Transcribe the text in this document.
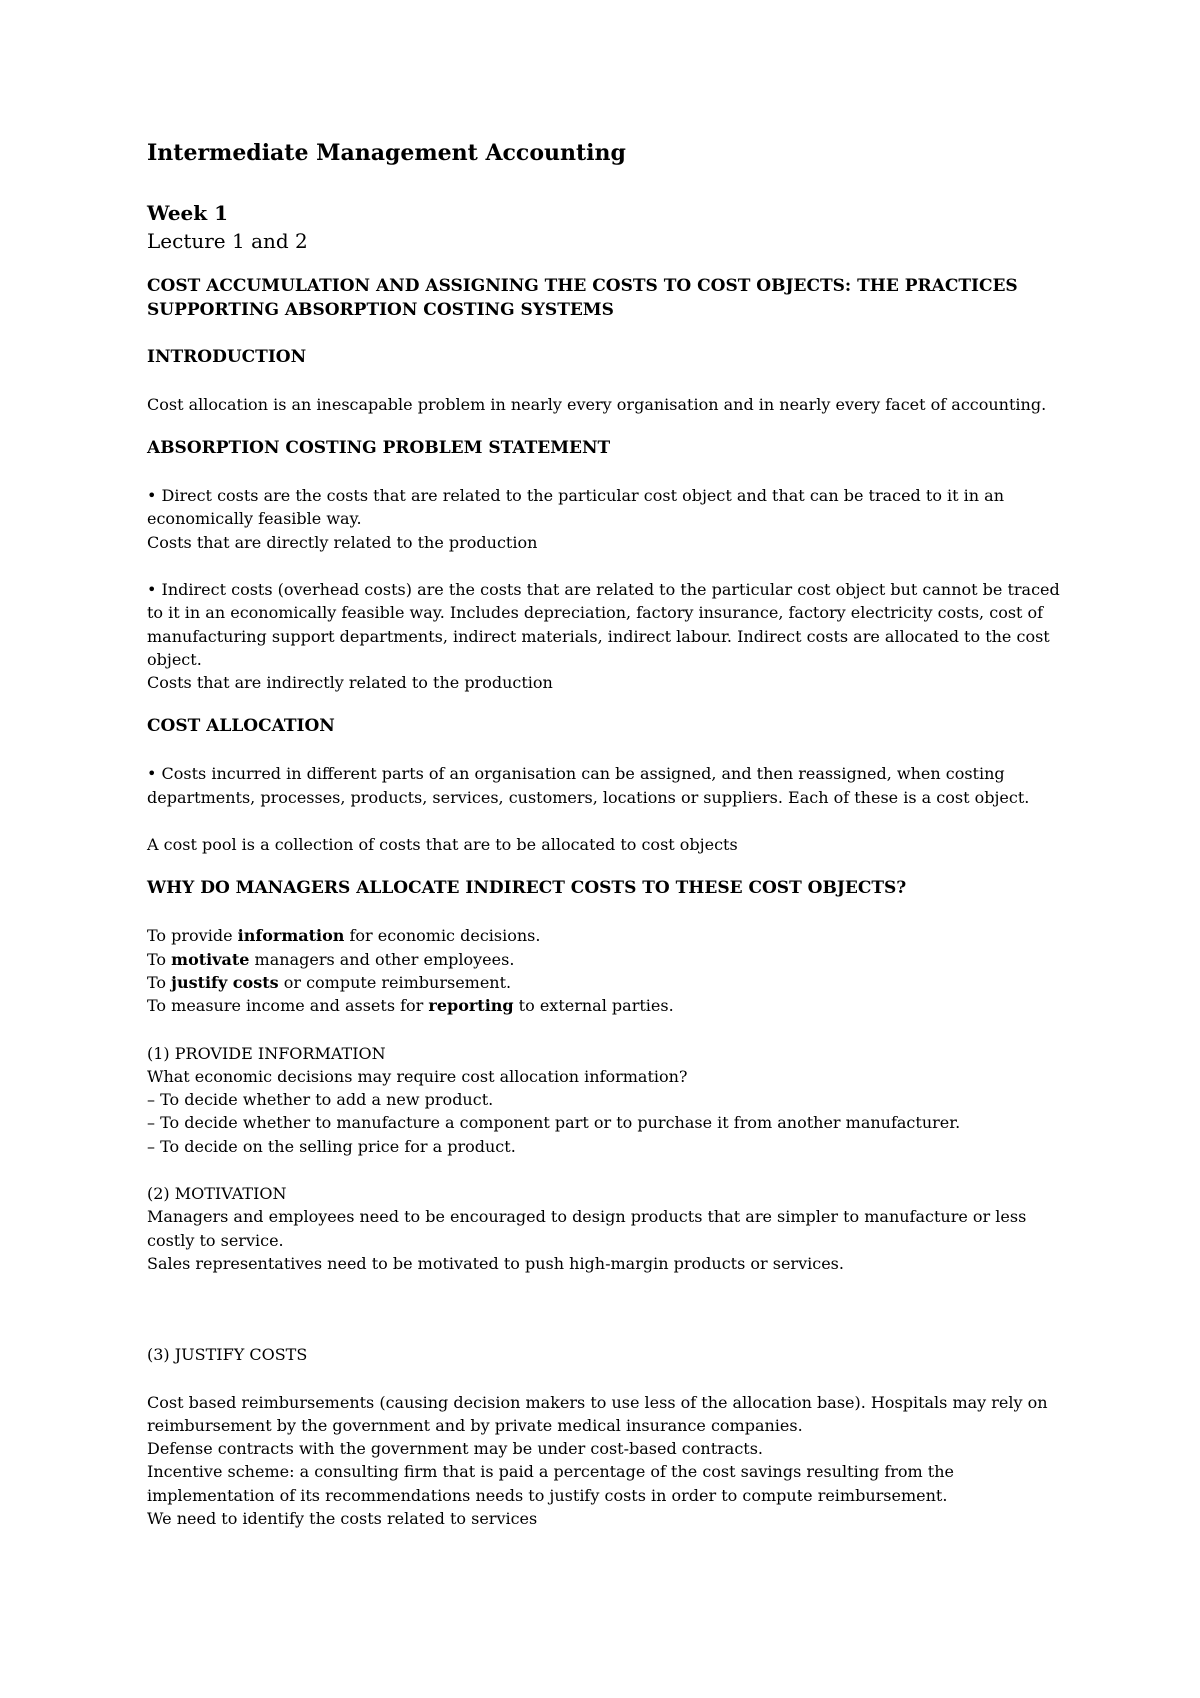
Intermediate Management Accounting
Week 1
Lecture 1 and 2
COST ACCUMULATION AND ASSIGNING THE COSTS TO COST OBJECTS: THE PRACTICES SUPPORTING ABSORPTION COSTING SYSTEMS
INTRODUCTION

Cost allocation is an inescapable problem in nearly every organisation and in nearly every facet of accounting.

ABSORPTION COSTING PROBLEM STATEMENT

• Direct costs are the costs that are related to the particular cost object and that can be traced to it in an economically feasible way.

Costs that are directly related to the production

• Indirect costs (overhead costs) are the costs that are related to the particular cost object but cannot be traced to it in an economically feasible way. Includes depreciation, factory insurance, factory electricity costs, cost of manufacturing support departments, indirect materials, indirect labour. Indirect costs are allocated to the cost object.

Costs that are indirectly related to the production

COST ALLOCATION

• Costs incurred in different parts of an organisation can be assigned, and then reassigned, when costing departments, processes, products, services, customers, locations or suppliers. Each of these is a cost object.

A cost pool is a collection of costs that are to be allocated to cost objects

WHY DO MANAGERS ALLOCATE INDIRECT COSTS TO THESE COST OBJECTS?

To provide information for economic decisions.

To motivate managers and other employees.

To justify costs or compute reimbursement.

To measure income and assets for reporting to external parties.

(1) PROVIDE INFORMATION

What economic decisions may require cost allocation information?

– To decide whether to add a new product.

– To decide whether to manufacture a component part or to purchase it from another manufacturer.

– To decide on the selling price for a product.

(2) MOTIVATION

Managers and employees need to be encouraged to design products that are simpler to manufacture or less costly to service.

Sales representatives need to be motivated to push high-margin products or services.

(3) JUSTIFY COSTS

Cost based reimbursements (causing decision makers to use less of the allocation base). Hospitals may rely on reimbursement by the government and by private medical insurance companies.

Defense contracts with the government may be under cost-based contracts.

Incentive scheme: a consulting firm that is paid a percentage of the cost savings resulting from the implementation of its recommendations needs to justify costs in order to compute reimbursement.

We need to identify the costs related to services
